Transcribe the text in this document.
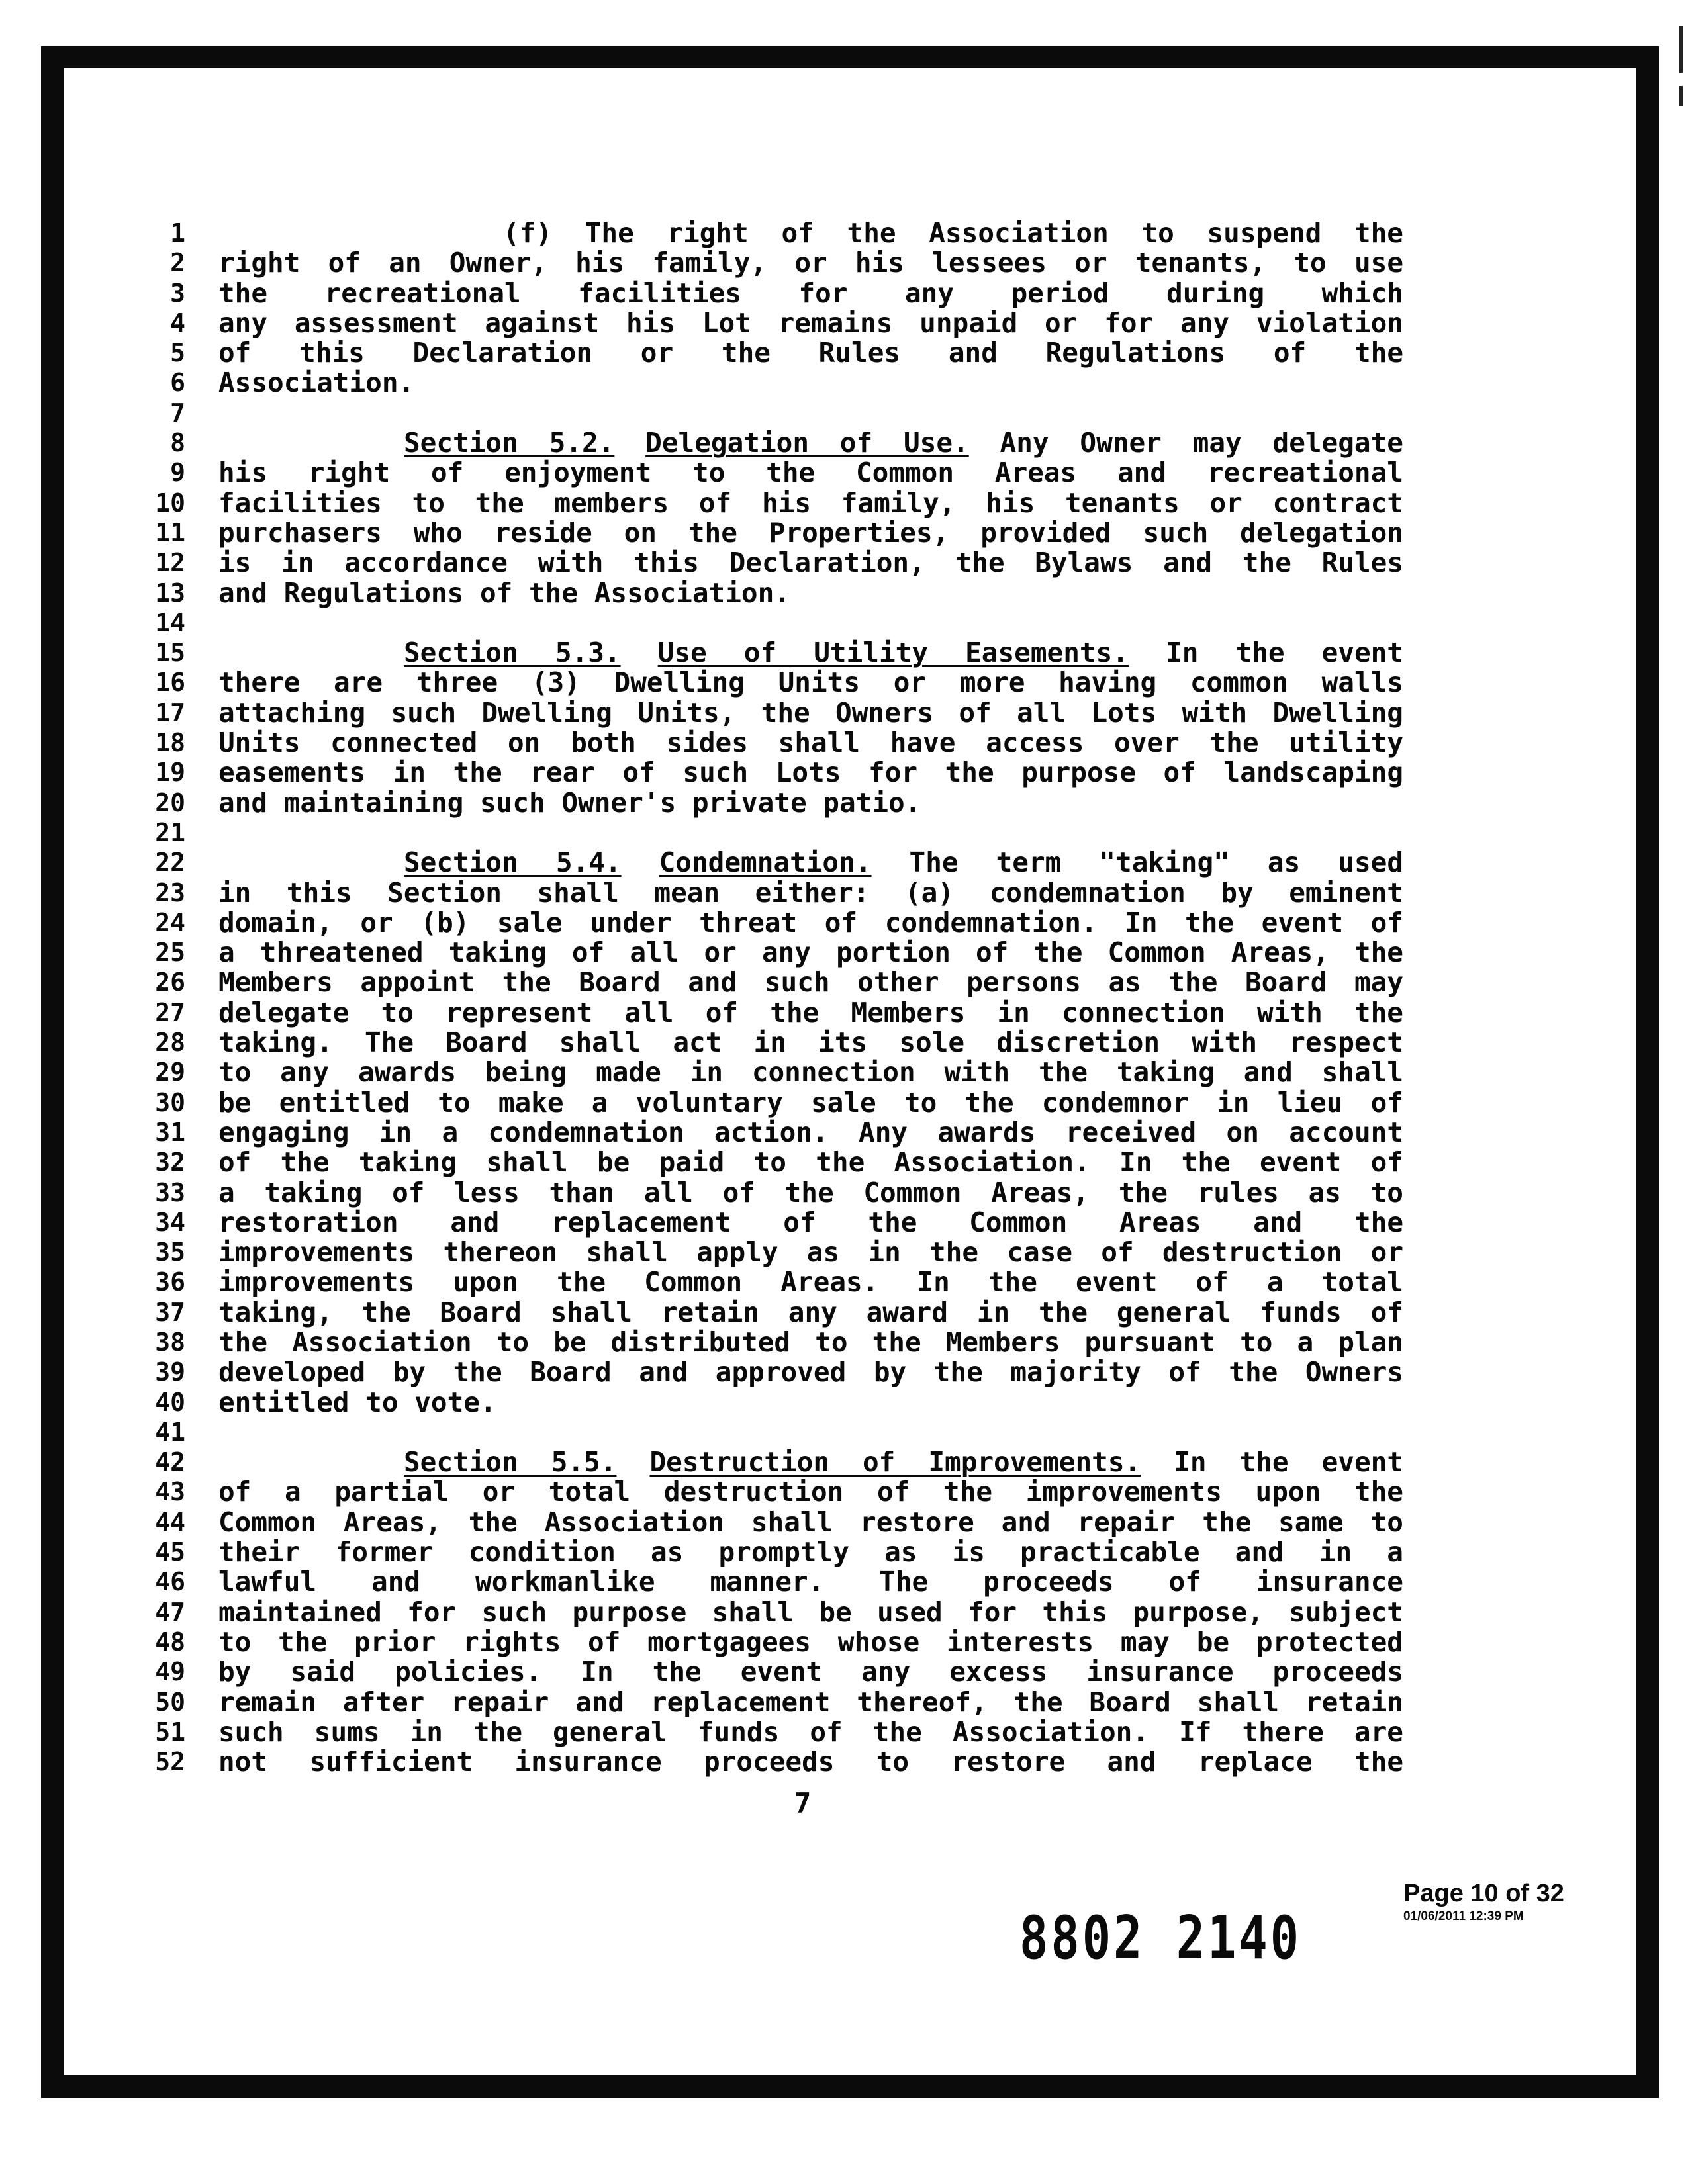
1
2
3
4
5
6
7
8
9
10
11
12
13
14
15
16
17
18
19
20
21
22
23
24
25
26
27
28
29
30
31
32
33
34
35
36
37
38
39
40
41
42
43
44
45
46
47
48
49
50
51
52
(f) The right of the Association to suspend the
right of an Owner, his family, or his lessees or tenants, to use
the recreational facilities for any period during which
any assessment against his Lot remains unpaid or for any violation
of this Declaration or the Rules and Regulations of the
Association.
Section 5.2. Delegation of Use. Any Owner may delegate
his right of enjoyment to the Common Areas and recreational
facilities to the members of his family, his tenants or contract
purchasers who reside on the Properties, provided such delegation
is in accordance with this Declaration, the Bylaws and the Rules
and Regulations of the Association.
Section 5.3. Use of Utility Easements. In the event
there are three (3) Dwelling Units or more having common walls
attaching such Dwelling Units, the Owners of all Lots with Dwelling
Units connected on both sides shall have access over the utility
easements in the rear of such Lots for the purpose of landscaping
and maintaining such Owner's private patio.
Section 5.4. Condemnation. The term "taking" as used
in this Section shall mean either: (a) condemnation by eminent
domain, or (b) sale under threat of condemnation. In the event of
a threatened taking of all or any portion of the Common Areas, the
Members appoint the Board and such other persons as the Board may
delegate to represent all of the Members in connection with the
taking. The Board shall act in its sole discretion with respect
to any awards being made in connection with the taking and shall
be entitled to make a voluntary sale to the condemnor in lieu of
engaging in a condemnation action. Any awards received on account
of the taking shall be paid to the Association. In the event of
a taking of less than all of the Common Areas, the rules as to
restoration and replacement of the Common Areas and the
improvements thereon shall apply as in the case of destruction or
improvements upon the Common Areas. In the event of a total
taking, the Board shall retain any award in the general funds of
the Association to be distributed to the Members pursuant to a plan
developed by the Board and approved by the majority of the Owners
entitled to vote.
Section 5.5. Destruction of Improvements. In the event
of a partial or total destruction of the improvements upon the
Common Areas, the Association shall restore and repair the same to
their former condition as promptly as is practicable and in a
lawful and workmanlike manner. The proceeds of insurance
maintained for such purpose shall be used for this purpose, subject
to the prior rights of mortgagees whose interests may be protected
by said policies. In the event any excess insurance proceeds
remain after repair and replacement thereof, the Board shall retain
such sums in the general funds of the Association. If there are
not sufficient insurance proceeds to restore and replace the
7
Page 10 of 32
01/06/2011 12:39 PM
8802 2140
